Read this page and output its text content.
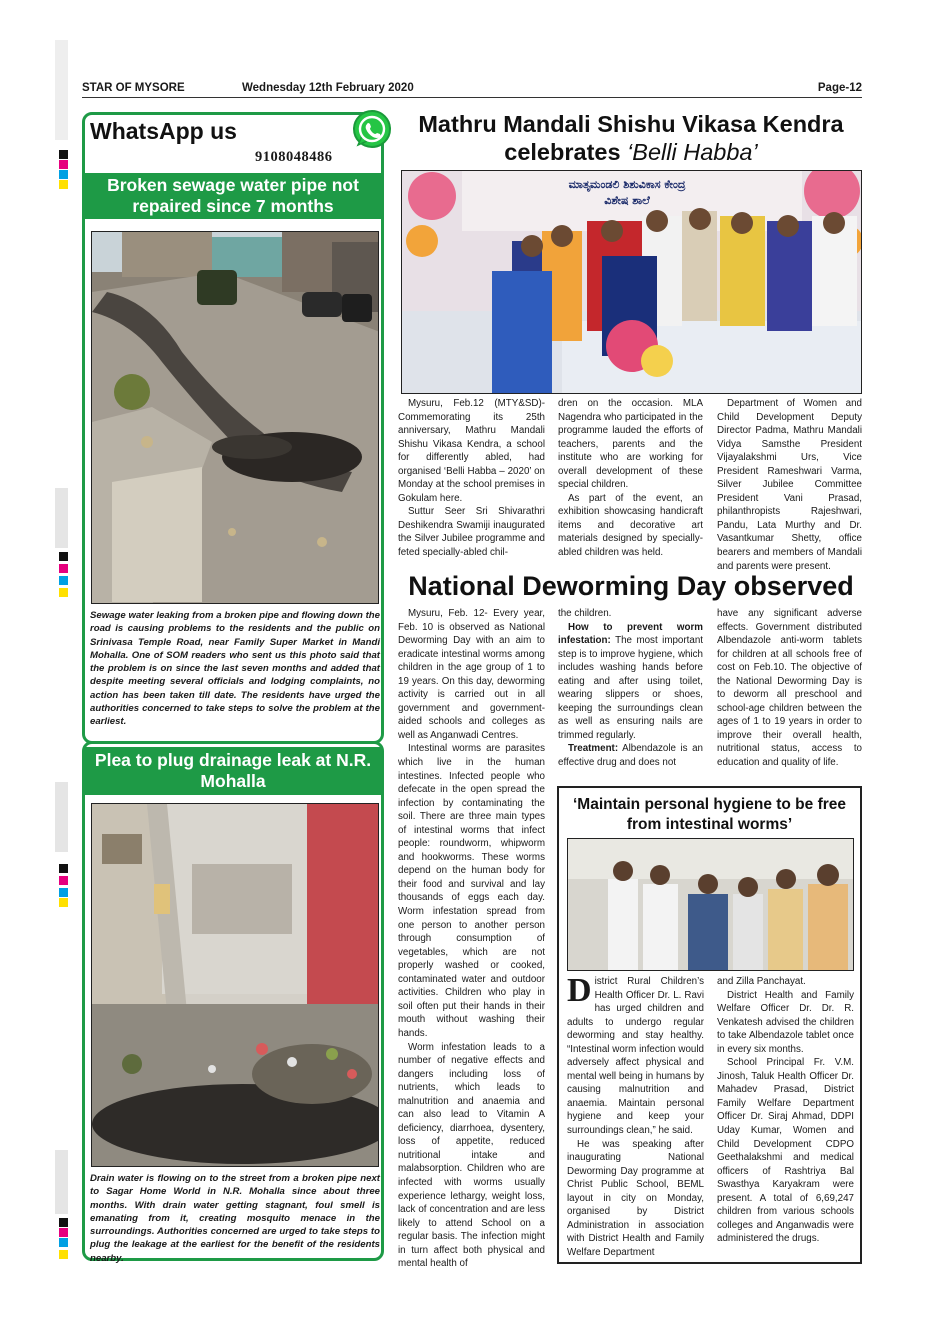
STAR OF MYSORE	Wednesday 12th February 2020	Page-12
WhatsApp us
9108048486
Broken sewage water pipe not repaired since 7 months
Sewage water leaking from a broken pipe and flowing down the road is causing problems to the residents and the public on Srinivasa Temple Road, near Family Super Market in Mandi Mohalla. One of SOM readers who sent us this photo said that the problem is on since the last seven months and added that despite meeting several officials and lodging complaints, no action has been taken till date. The residents have urged the authorities concerned to take steps to solve the problem at the earliest.
Plea to plug drainage leak at N.R. Mohalla
Drain water is flowing on to the street from a broken pipe next to Sagar Home World in N.R. Mohalla since about three months. With drain water getting stagnant, foul smell is emanating from it, creating mosquito menace in the surroundings. Authorities concerned are urged to take steps to plug the leakage at the earliest for the benefit of the residents nearby.
Mathru Mandali Shishu Vikasa Kendra celebrates ‘Belli Habba’
ಮಾತೃಮಂಡಲಿ ಶಿಶುವಿಕಾಸ ಕೇಂದ್ರ
ವಿಶೇಷ ಶಾಲೆ

Mysuru, Feb.12 (MTY&SD)- Commemorating its 25th anniversary, Mathru Mandali Shishu Vikasa Kendra, a school for differently abled, had organised ‘Belli Habba – 2020’ on Monday at the school premises in Gokulam here.

Suttur Seer Sri Shivarathri Deshikendra Swamiji inaugurated the Silver Jubilee programme and feted specially-abled chil-

dren on the occasion. MLA Nagendra who participated in the programme lauded the efforts of teachers, parents and the institute who are working for overall development of these special children.

As part of the event, an exhibition showcasing handicraft items and decorative art materials designed by specially-abled children was held.

Department of Women and Child Development Deputy Director Padma, Mathru Mandali Vidya Samsthe President Vijayalakshmi Urs, Vice President Rameshwari Varma, Silver Jubilee Committee President Vani Prasad, philanthropists Rajeshwari, Pandu, Lata Murthy and Dr. Vasantkumar Shetty, office bearers and members of Mandali and parents were present.

National Deworming Day observed

Mysuru, Feb. 12- Every year, Feb. 10 is observed as National Deworming Day with an aim to eradicate intestinal worms among children in the age group of 1 to 19 years. On this day, deworming activity is carried out in all government and government-aided schools and colleges as well as Anganwadi Centres.

Intestinal worms are parasites which live in the human intestines. Infected people who defecate in the open spread the infection by contaminating the soil. There are three main types of intestinal worms that infect people: roundworm, whipworm and hookworms. These worms depend on the human body for their food and survival and lay thousands of eggs each day. Worm infestation spread from one person to another person through consumption of vegetables, which are not properly washed or cooked, contaminated water and outdoor activities. Children who play in soil often put their hands in their mouth without washing their hands.

Worm infestation leads to a number of negative effects and dangers including loss of nutrients, which leads to malnutrition and anaemia and can also lead to Vitamin A deficiency, diarrhoea, dysentery, loss of appetite, reduced nutritional intake and malabsorption. Children who are infected with worms usually experience lethargy, weight loss, lack of concentration and are less likely to attend School on a regular basis. The infection might in turn affect both physical and mental health of

the children.

How to prevent worm infestation: The most important step is to improve hygiene, which includes washing hands before eating and after using toilet, wearing slippers or shoes, keeping the surroundings clean as well as ensuring nails are trimmed regularly.

Treatment: Albendazole is an effective drug and does not

have any significant adverse effects. Government distributed Albendazole anti-worm tablets for children at all schools free of cost on Feb.10. The objective of the National Deworming Day is to deworm all preschool and school-age children between the ages of 1 to 19 years in order to improve their overall health, nutritional status, access to education and quality of life.

‘Maintain personal hygiene to be free from intestinal worms’

District Rural Children’s Health Officer Dr. L. Ravi has urged children and adults to undergo regular deworming and stay healthy. “Intestinal worm infection would adversely affect physical and mental well being in humans by causing malnutrition and anaemia. Maintain personal hygiene and keep your surroundings clean,” he said.

He was speaking after inaugurating National Deworming Day programme at Christ Public School, BEML layout in city on Monday, organised by District Administration in association with District Health and Family Welfare Department

and Zilla Panchayat.

District Health and Family Welfare Officer Dr. Dr. R. Venkatesh advised the children to take Albendazole tablet once in every six months.

School Principal Fr. V.M. Jinosh, Taluk Health Officer Dr. Mahadev Prasad, District Family Welfare Department Officer Dr. Siraj Ahmad, DDPI Uday Kumar, Women and Child Development CDPO Geethalakshmi and medical officers of Rashtriya Bal Swasthya Karyakram were present. A total of 6,69,247 children from various schools colleges and Anganwadis were administered the drugs.
